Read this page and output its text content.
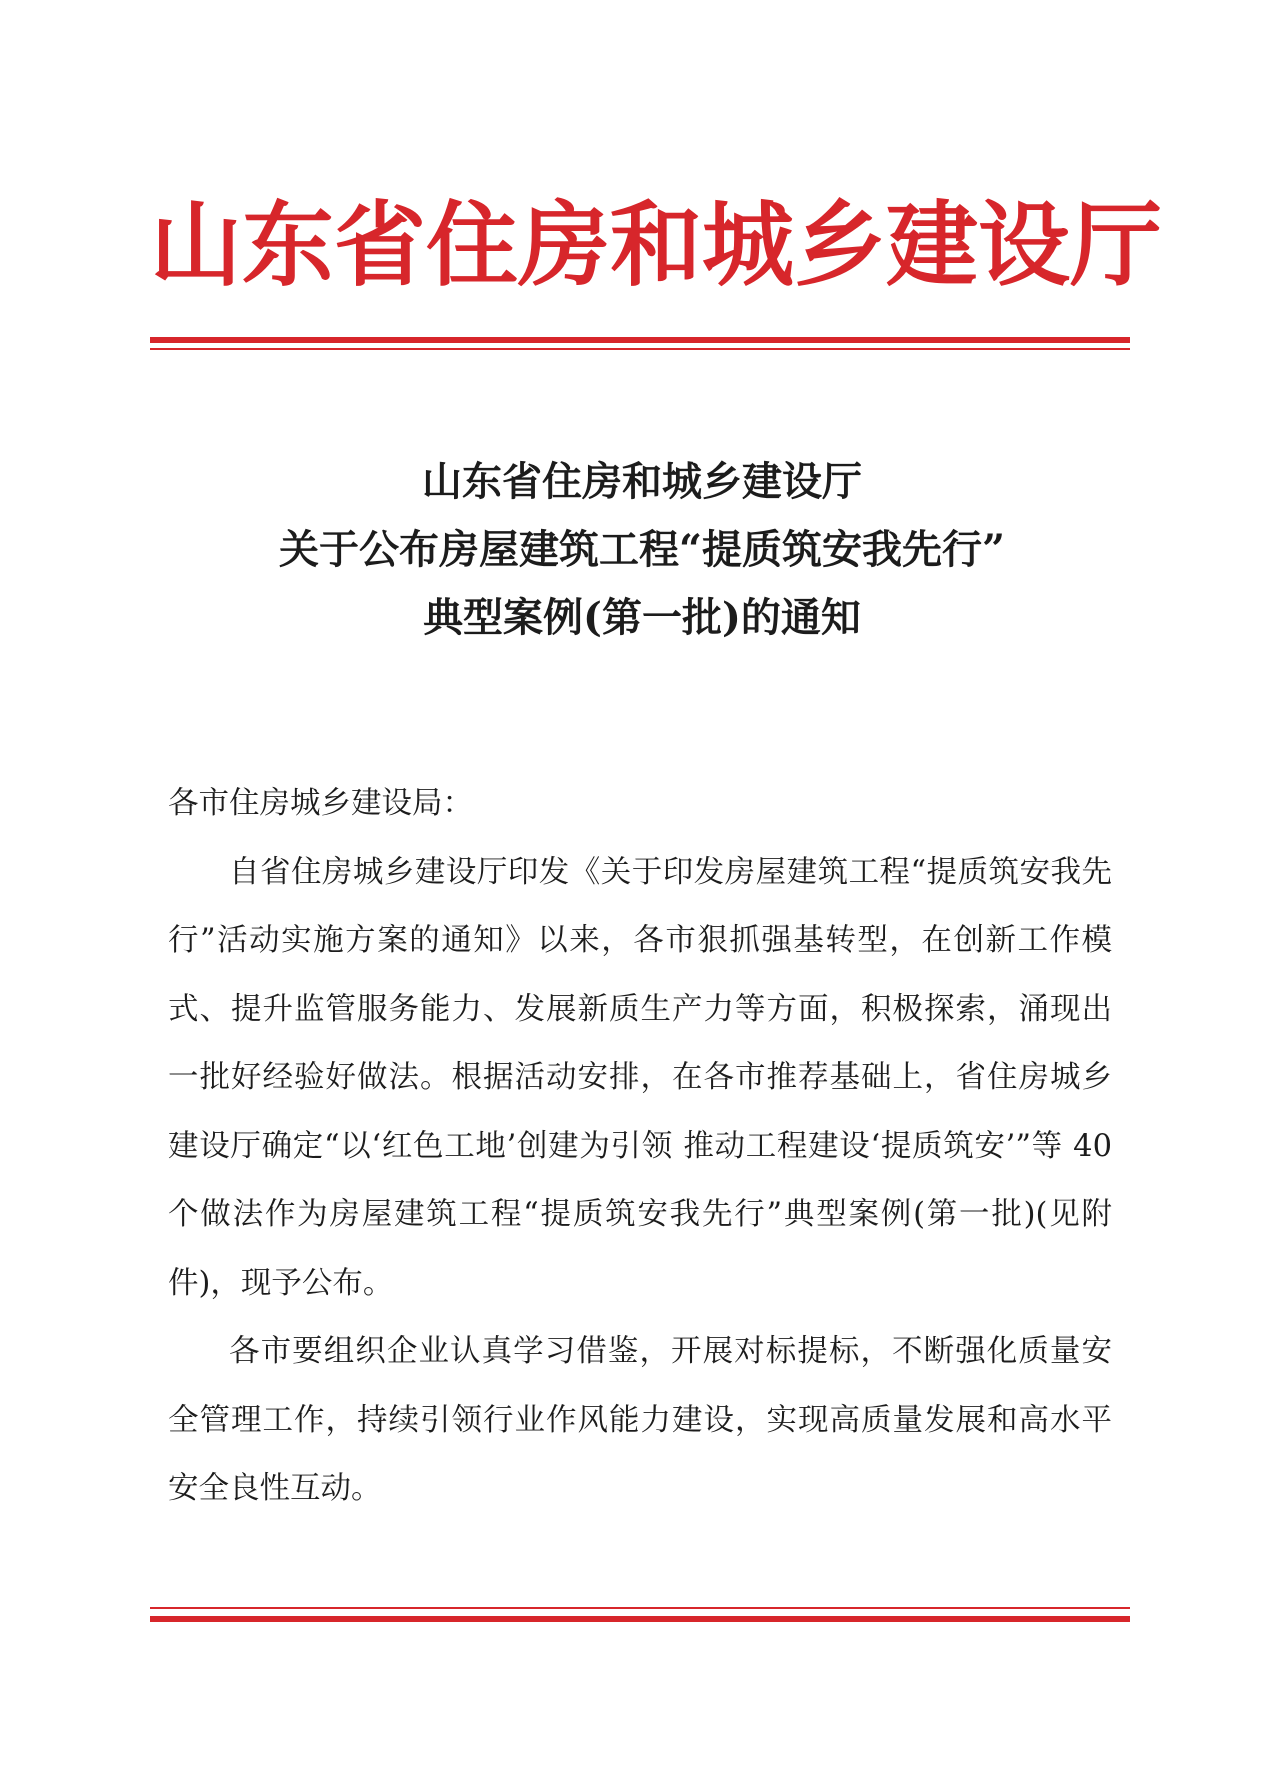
山东省住房和城乡建设厅
山东省住房和城乡建设厅
关于公布房屋建筑工程“提质筑安我先行”
典型案例(第一批)的通知

各市住房城乡建设局：

自省住房城乡建设厅印发《关于印发房屋建筑工程“提质筑安我先行”活动实施方案的通知》以来，各市狠抓强基转型，在创新工作模式、提升监管服务能力、发展新质生产力等方面，积极探索，涌现出一批好经验好做法。根据活动安排，在各市推荐基础上，省住房城乡建设厅确定“以‘红色工地’创建为引领 推动工程建设‘提质筑安’”等 40 个做法作为房屋建筑工程“提质筑安我先行”典型案例(第一批)(见附件)，现予公布。

各市要组织企业认真学习借鉴，开展对标提标，不断强化质量安全管理工作，持续引领行业作风能力建设，实现高质量发展和高水平安全良性互动。
